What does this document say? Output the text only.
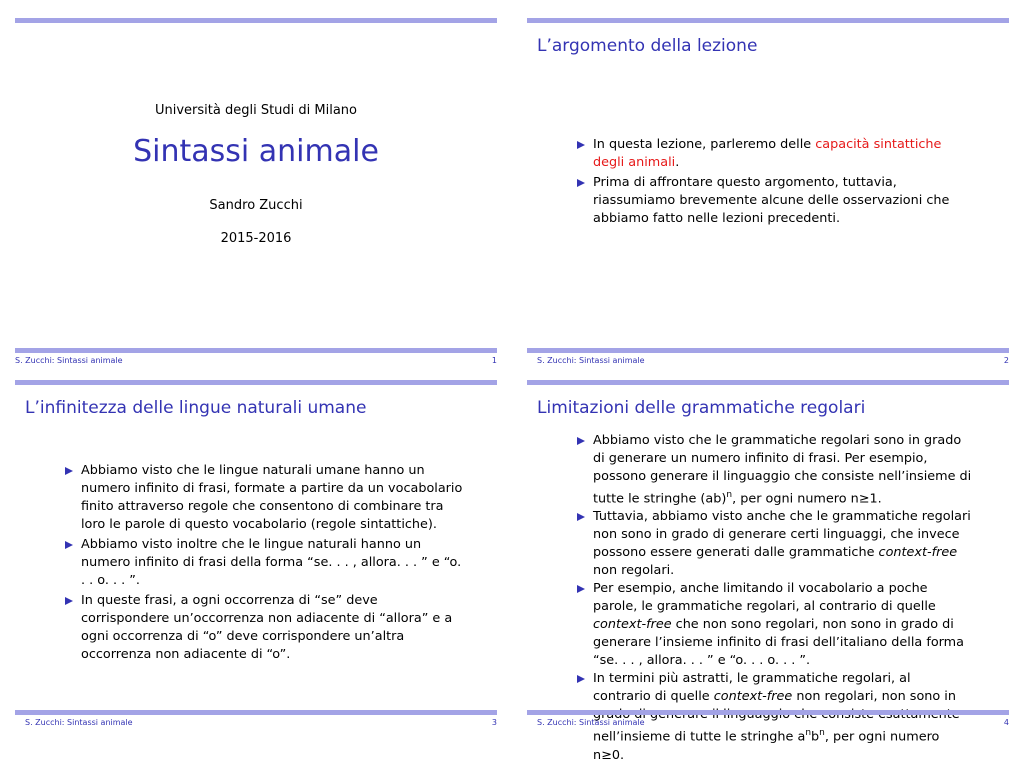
Università degli Studi di Milano
Sintassi animale
Sandro Zucchi
2015-2016
S. Zucchi: Sintassi animale	1
L’argomento della lezione
In questa lezione, parleremo delle capacità sintattiche degli animali.
Prima di affrontare questo argomento, tuttavia, riassumiamo brevemente alcune delle osservazioni che abbiamo fatto nelle lezioni precedenti.
S. Zucchi: Sintassi animale	2
L’infinitezza delle lingue naturali umane
Abbiamo visto che le lingue naturali umane hanno un numero infinito di frasi, formate a partire da un vocabolario finito attraverso regole che consentono di combinare tra loro le parole di questo vocabolario (regole sintattiche).
Abbiamo visto inoltre che le lingue naturali hanno un numero infinito di frasi della forma “se. . . , allora. . . ” e “o. . . o. . . ”.
In queste frasi, a ogni occorrenza di “se” deve corrispondere un’occorrenza non adiacente di “allora” e a ogni occorrenza di “o” deve corrispondere un’altra occorrenza non adiacente di “o”.
S. Zucchi: Sintassi animale	3
Limitazioni delle grammatiche regolari
Abbiamo visto che le grammatiche regolari sono in grado di generare un numero infinito di frasi. Per esempio, possono generare il linguaggio che consiste nell’insieme di tutte le stringhe (ab)$^n$, per ogni numero n≥1.
Tuttavia, abbiamo visto anche che le grammatiche regolari non sono in grado di generare certi linguaggi, che invece possono essere generati dalle grammatiche context-free non regolari.
Per esempio, anche limitando il vocabolario a poche parole, le grammatiche regolari, al contrario di quelle context-free che non sono regolari, non sono in grado di generare l’insieme infinito di frasi dell’italiano della forma “se. . . , allora. . . ” e “o. . . o. . . ”.
In termini più astratti, le grammatiche regolari, al contrario di quelle context-free non regolari, non sono in nell’insieme di tutte le stringhe $a^nb^n$, per ogni numero n≥0.
S. Zucchi: Sintassi animale	4
